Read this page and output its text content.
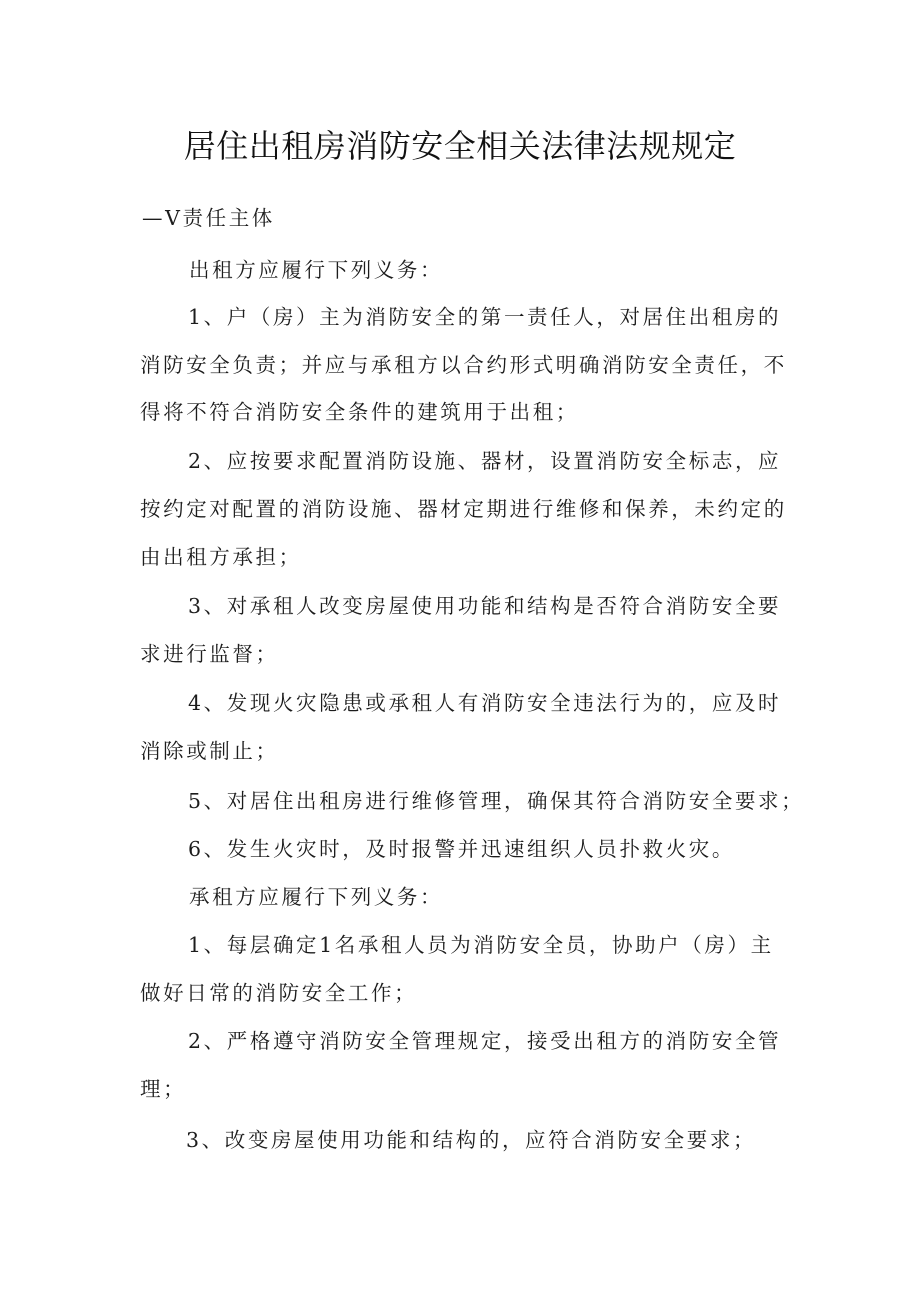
居住出租房消防安全相关法律法规规定
—V责任主体
出租方应履行下列义务：
1、户（房）主为消防安全的第一责任人，对居住出租房的
消防安全负责；并应与承租方以合约形式明确消防安全责任，不
得将不符合消防安全条件的建筑用于出租；
2、应按要求配置消防设施、器材，设置消防安全标志，应
按约定对配置的消防设施、器材定期进行维修和保养，未约定的
由出租方承担；
3、对承租人改变房屋使用功能和结构是否符合消防安全要
求进行监督；
4、发现火灾隐患或承租人有消防安全违法行为的，应及时
消除或制止；
5、对居住出租房进行维修管理，确保其符合消防安全要求；
6、发生火灾时，及时报警并迅速组织人员扑救火灾。
承租方应履行下列义务：
1、每层确定1名承租人员为消防安全员，协助户（房）主
做好日常的消防安全工作；
2、严格遵守消防安全管理规定，接受出租方的消防安全管
理；
3、改变房屋使用功能和结构的，应符合消防安全要求；
